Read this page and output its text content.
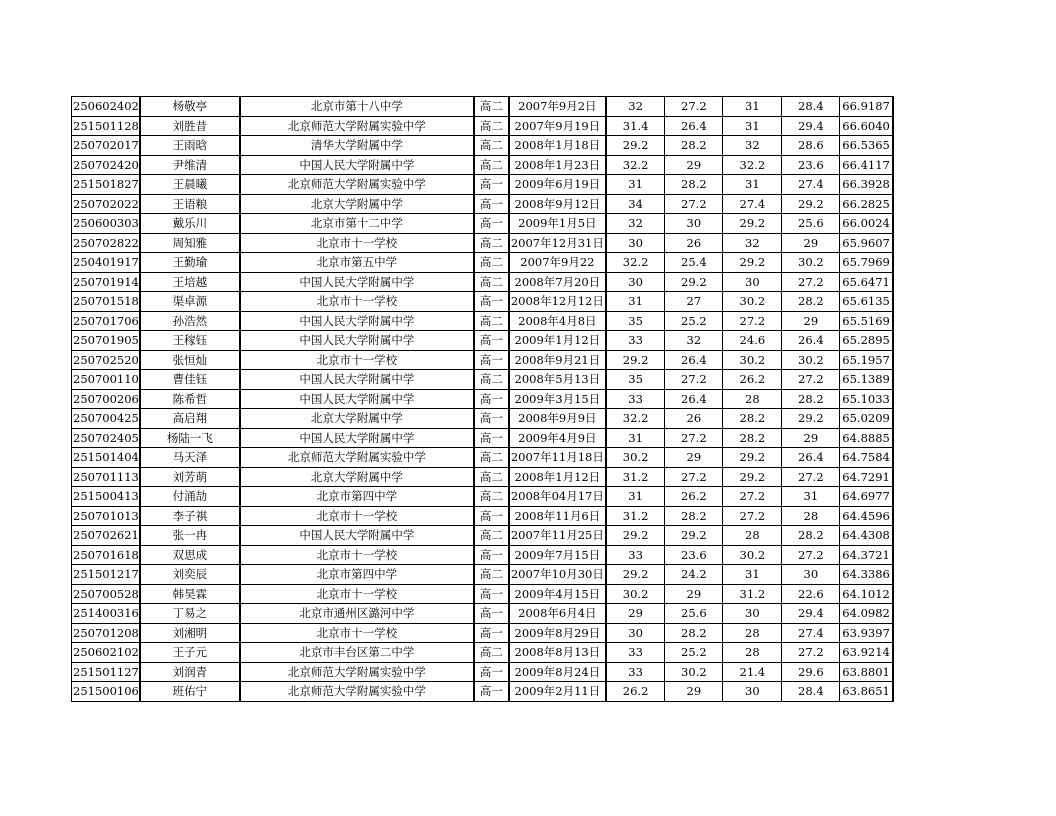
250602402	杨敬亭	北京市第十八中学	高二	2007年9月2日	32	27.2	31	28.4	66.9187
251501128	刘胜昔	北京师范大学附属实验中学	高二	2007年9月19日	31.4	26.4	31	29.4	66.6040
250702017	王雨晗	清华大学附属中学	高二	2008年1月18日	29.2	28.2	32	28.6	66.5365
250702420	尹维清	中国人民大学附属中学	高二	2008年1月23日	32.2	29	32.2	23.6	66.4117
251501827	王晨曦	北京师范大学附属实验中学	高一	2009年6月19日	31	28.2	31	27.4	66.3928
250702022	王语粮	北京大学附属中学	高一	2008年9月12日	34	27.2	27.4	29.2	66.2825
250600303	戴乐川	北京市第十二中学	高一	2009年1月5日	32	30	29.2	25.6	66.0024
250702822	周知雅	北京市十一学校	高二	2007年12月31日	30	26	32	29	65.9607
250401917	王勤瑜	北京市第五中学	高二	2007年9月22	32.2	25.4	29.2	30.2	65.7969
250701914	王培越	中国人民大学附属中学	高二	2008年7月20日	30	29.2	30	27.2	65.6471
250701518	渠卓源	北京市十一学校	高一	2008年12月12日	31	27	30.2	28.2	65.6135
250701706	孙浩然	中国人民大学附属中学	高二	2008年4月8日	35	25.2	27.2	29	65.5169
250701905	王稼钰	中国人民大学附属中学	高一	2009年1月12日	33	32	24.6	26.4	65.2895
250702520	张恒灿	北京市十一学校	高一	2008年9月21日	29.2	26.4	30.2	30.2	65.1957
250700110	曹佳钰	中国人民大学附属中学	高二	2008年5月13日	35	27.2	26.2	27.2	65.1389
250700206	陈希哲	中国人民大学附属中学	高一	2009年3月15日	33	26.4	28	28.2	65.1033
250700425	高启翔	北京大学附属中学	高一	2008年9月9日	32.2	26	28.2	29.2	65.0209
250702405	杨陆一飞	中国人民大学附属中学	高一	2009年4月9日	31	27.2	28.2	29	64.8885
251501404	马天泽	北京师范大学附属实验中学	高二	2007年11月18日	30.2	29	29.2	26.4	64.7584
250701113	刘芳萌	北京大学附属中学	高二	2008年1月12日	31.2	27.2	29.2	27.2	64.7291
251500413	付涌劼	北京市第四中学	高二	2008年04月17日	31	26.2	27.2	31	64.6977
250701013	李子祺	北京市十一学校	高一	2008年11月6日	31.2	28.2	27.2	28	64.4596
250702621	张一冉	中国人民大学附属中学	高二	2007年11月25日	29.2	29.2	28	28.2	64.4308
250701618	双思成	北京市十一学校	高一	2009年7月15日	33	23.6	30.2	27.2	64.3721
251501217	刘奕辰	北京市第四中学	高二	2007年10月30日	29.2	24.2	31	30	64.3386
250700528	韩昊霖	北京市十一学校	高一	2009年4月15日	30.2	29	31.2	22.6	64.1012
251400316	丁易之	北京市通州区潞河中学	高一	2008年6月4日	29	25.6	30	29.4	64.0982
250701208	刘湘明	北京市十一学校	高一	2009年8月29日	30	28.2	28	27.4	63.9397
250602102	王子元	北京市丰台区第二中学	高二	2008年8月13日	33	25.2	28	27.2	63.9214
251501127	刘润青	北京师范大学附属实验中学	高一	2009年8月24日	33	30.2	21.4	29.6	63.8801
251500106	班佑宁	北京师范大学附属实验中学	高一	2009年2月11日	26.2	29	30	28.4	63.8651
